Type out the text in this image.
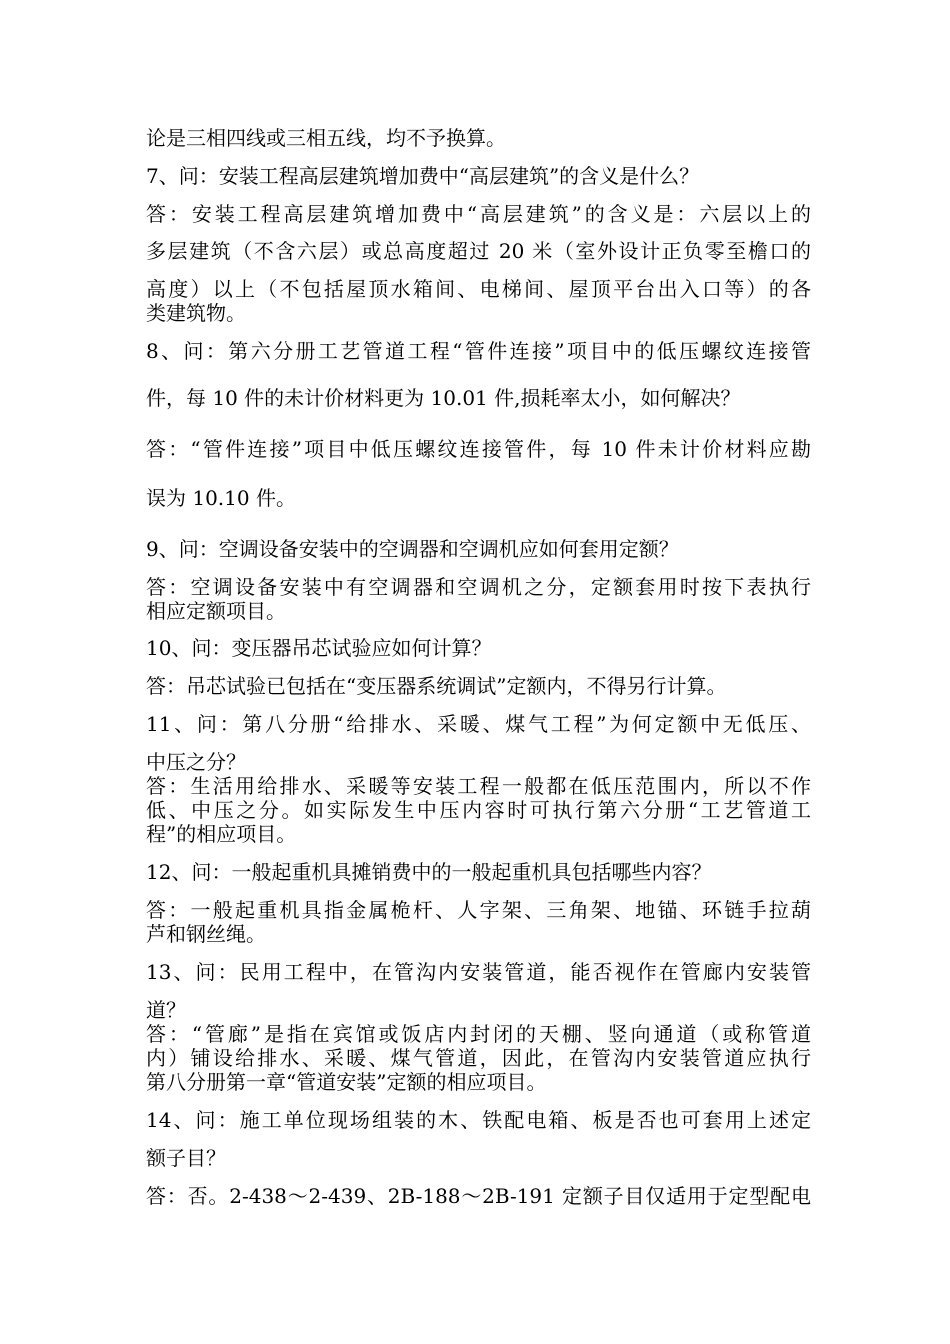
论是三相四线或三相五线，均不予换算。
7、问：安装工程高层建筑增加费中“高层建筑”的含义是什么？
答：安装工程高层建筑增加费中“高层建筑”的含义是：六层以上的
多层建筑（不含六层）或总高度超过 20 米（室外设计正负零至檐口的
高度）以上（不包括屋顶水箱间、电梯间、屋顶平台出入口等）的各
类建筑物。
8、问：第六分册工艺管道工程“管件连接”项目中的低压螺纹连接管
件，每 10 件的未计价材料更为 10.01 件,损耗率太小，如何解决？
答：“管件连接”项目中低压螺纹连接管件，每 10 件未计价材料应勘
误为 10.10 件。
9、问：空调设备安装中的空调器和空调机应如何套用定额？
答：空调设备安装中有空调器和空调机之分，定额套用时按下表执行
相应定额项目。
10、问：变压器吊芯试验应如何计算？
答：吊芯试验已包括在“变压器系统调试”定额内，不得另行计算。
11、问：第八分册“给排水、采暖、煤气工程”为何定额中无低压、
中压之分？
答：生活用给排水、采暖等安装工程一般都在低压范围内，所以不作
低、中压之分。如实际发生中压内容时可执行第六分册“工艺管道工
程”的相应项目。
12、问：一般起重机具摊销费中的一般起重机具包括哪些内容？
答：一般起重机具指金属桅杆、人字架、三角架、地锚、环链手拉葫
芦和钢丝绳。
13、问：民用工程中，在管沟内安装管道，能否视作在管廊内安装管
道？
答：“管廊”是指在宾馆或饭店内封闭的天棚、竖向通道（或称管道
内）铺设给排水、采暖、煤气管道，因此，在管沟内安装管道应执行
第八分册第一章“管道安装”定额的相应项目。
14、问：施工单位现场组装的木、铁配电箱、板是否也可套用上述定
额子目？
答：否。2-438～2-439、2B-188～2B-191 定额子目仅适用于定型配电
